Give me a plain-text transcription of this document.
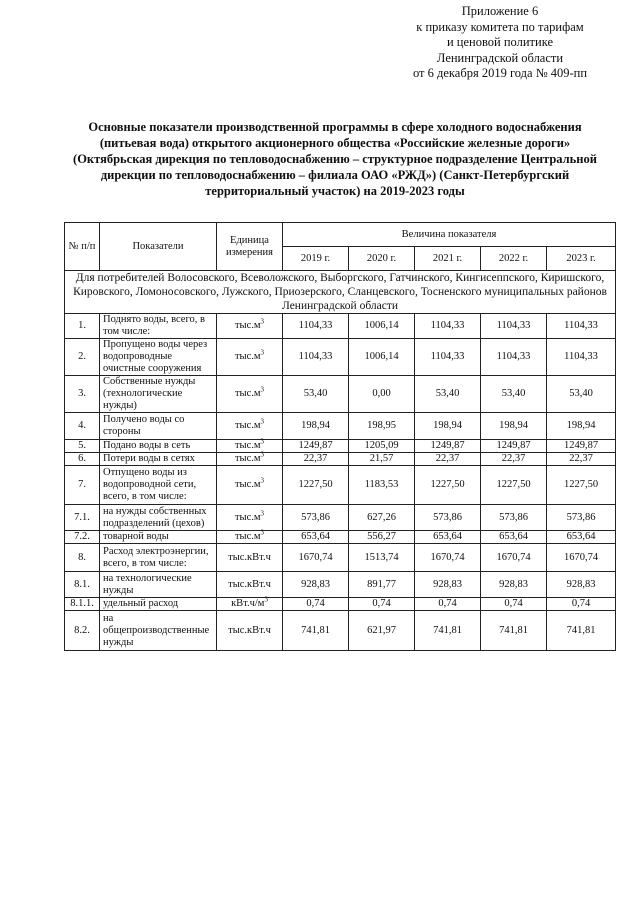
Приложение 6
к приказу комитета по тарифам
и ценовой политике
Ленинградской области
от 6 декабря 2019 года № 409-пп
Основные показатели производственной программы в сфере холодного водоснабжения (питьевая вода) открытого акционерного общества «Российские железные дороги» (Октябрьская дирекция по тепловодоснабжению – структурное подразделение Центральной дирекции по тепловодоснабжению – филиала ОАО «РЖД») (Санкт-Петербургский территориальный участок) на 2019-2023 годы
№ п/п	Показатели	Единица измерения	Величина показателя				
			2019 г.	2020 г.	2021 г.	2022 г.	2023 г.
Для потребителей Волосовского, Всеволожского, Выборгского, Гатчинского, Кингисеппского, Киришского, Кировского, Ломоносовского, Лужского, Приозерского, Сланцевского, Тосненского муниципальных районов Ленинградской области							
1.	Поднято воды, всего, в том числе:	$тыс.м^3$	1104,33	1006,14	1104,33	1104,33	1104,33
2.	Пропущено воды через водопроводные очистные сооружения	$тыс.м^3$	1104,33	1006,14	1104,33	1104,33	1104,33
3.	Собственные нужды (технологические нужды)	$тыс.м^3$	53,40	0,00	53,40	53,40	53,40
4.	Получено воды со стороны	$тыс.м^3$	198,94	198,95	198,94	198,94	198,94
5.	Подано воды в сеть	$тыс.м^3$	1249,87	1205,09	1249,87	1249,87	1249,87
6.	Потери воды в сетях	$тыс.м^3$	22,37	21,57	22,37	22,37	22,37
7.	Отпущено воды из водопроводной сети, всего, в том числе:	$тыс.м^3$	1227,50	1183,53	1227,50	1227,50	1227,50
7.1.	на нужды собственных подразделений (цехов)	$тыс.м^3$	573,86	627,26	573,86	573,86	573,86
7.2.	товарной воды	$тыс.м^3$	653,64	556,27	653,64	653,64	653,64
8.	Расход электроэнергии, всего, в том числе:	тыс.кВт.ч	1670,74	1513,74	1670,74	1670,74	1670,74
8.1.	на технологические нужды	тыс.кВт.ч	928,83	891,77	928,83	928,83	928,83
8.1.1.	удельный расход	$кВт.ч/м^3$	0,74	0,74	0,74	0,74	0,74
8.2.	на общепроизводственные нужды	тыс.кВт.ч	741,81	621,97	741,81	741,81	741,81
